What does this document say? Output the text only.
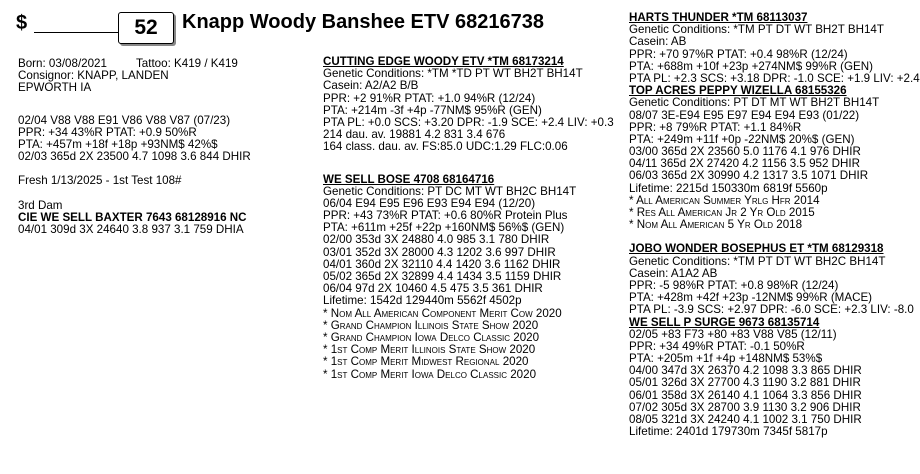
$	52 Knapp Woody Banshee ETV 68216738
Born: 03/08/2021	Tattoo: K419 / K419
Consignor: KNAPP, LANDEN
EPWORTH IA
02/04 V88 V88 E91 V86 V88 V87 (07/23)
PPR: +34 43%R PTAT: +0.9 50%R
PTA: +457m +18f +18p +93NM$ 42%$
02/03 365d 2X 23500 4.7 1098 3.6 844 DHIR
Fresh 1/13/2025 - 1st Test 108#
3rd Dam
CIE WE SELL BAXTER 7643 68128916 NC
04/01 309d 3X 24640 3.8 937 3.1 759 DHIA
CUTTING EDGE WOODY ETV *TM 68173214
Genetic Conditions: *TM *TD PT WT BH2T BH14T
Casein: A2/A2 B/B
PPR: +2 91%R PTAT: +1.0 94%R (12/24)
PTA: +214m -3f +4p -77NM$ 95%R (GEN)
PTA PL: +0.0 SCS: +3.20 DPR: -1.9 SCE: +2.4 LIV: +0.3
214 dau. av. 19881 4.2 831 3.4 676
164 class. dau. av. FS:85.0 UDC:1.29 FLC:0.06
WE SELL BOSE 4708 68164716
Genetic Conditions: PT DC MT WT BH2C BH14T
06/04 E94 E95 E96 E93 E94 E94 (12/20)
PPR: +43 73%R PTAT: +0.6 80%R Protein Plus
PTA: +611m +25f +22p +160NM$ 56%$ (GEN)
02/00 353d 3X 24880 4.0 985 3.1 780 DHIR
03/01 352d 3X 28000 4.3 1202 3.6 997 DHIR
04/01 360d 2X 32110 4.4 1420 3.6 1162 DHIR
05/02 365d 2X 32899 4.4 1434 3.5 1159 DHIR
06/04 97d 2X 10460 4.5 475 3.5 361 DHIR
Lifetime: 1542d 129440m 5562f 4502p
* Nom All American Component Merit Cow 2020
* Grand Champion Illinois State Show 2020
* Grand Champion Iowa Delco Classic 2020
* 1st Comp Merit Illinois State Show 2020
* 1st Comp Merit Midwest Regional 2020
* 1st Comp Merit Iowa Delco Classic 2020
HARTS THUNDER *TM 68113037
Genetic Conditions: *TM PT DT WT BH2T BH14T
Casein: AB
PPR: +70 97%R PTAT: +0.4 98%R (12/24)
PTA: +688m +10f +23p +274NM$ 99%R (GEN)
PTA PL: +2.3 SCS: +3.18 DPR: -1.0 SCE: +1.9 LIV: +2.4
TOP ACRES PEPPY WIZELLA 68155326
Genetic Conditions: PT DT MT WT BH2T BH14T
08/07 3E-E94 E95 E97 E94 E94 E93 (01/22)
PPR: +8 79%R PTAT: +1.1 84%R
PTA: +249m +11f +0p -22NM$ 20%$ (GEN)
03/00 365d 2X 23560 5.0 1176 4.1 976 DHIR
04/11 365d 2X 27420 4.2 1156 3.5 952 DHIR
06/03 365d 2X 30990 4.2 1317 3.5 1071 DHIR
Lifetime: 2215d 150330m 6819f 5560p
* All American Summer Yrlg Hfr 2014
* Res All American Jr 2 Yr Old 2015
* Nom All American 5 Yr Old 2018
JOBO WONDER BOSEPHUS ET *TM 68129318
Genetic Conditions: *TM PT DT WT BH2C BH14T
Casein: A1A2 AB
PPR: -5 98%R PTAT: +0.8 98%R (12/24)
PTA: +428m +42f +23p -12NM$ 99%R (MACE)
PTA PL: -3.9 SCS: +2.97 DPR: -6.0 SCE: +2.3 LIV: -8.0
WE SELL P SURGE 9673 68135714
02/05 +83 F73 +80 +83 V88 V85 (12/11)
PPR: +34 49%R PTAT: -0.1 50%R
PTA: +205m +1f +4p +148NM$ 53%$
04/00 347d 3X 26370 4.2 1098 3.3 865 DHIR
05/01 326d 3X 27700 4.3 1190 3.2 881 DHIR
06/01 358d 3X 26140 4.1 1064 3.3 856 DHIR
07/02 305d 3X 28700 3.9 1130 3.2 906 DHIR
08/05 321d 3X 24240 4.1 1002 3.1 750 DHIR
Lifetime: 2401d 179730m 7345f 5817p
